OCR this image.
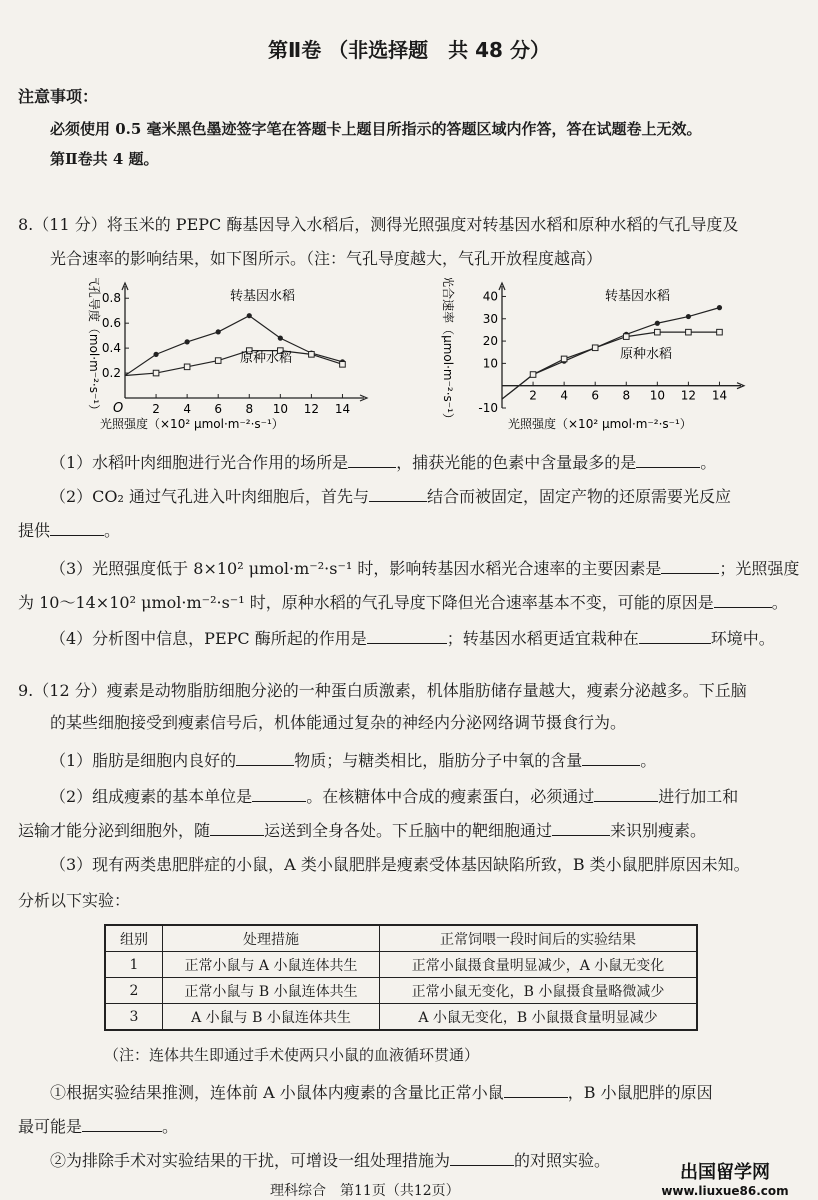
第Ⅱ卷 （非选择题　共 48 分）
注意事项：
必须使用 0.5 毫米黑色墨迹签字笔在答题卡上题目所指示的答题区域内作答，答在试题卷上无效。
第Ⅱ卷共 4 题。
8.（11 分）将玉米的 PEPC 酶基因导入水稻后，测得光照强度对转基因水稻和原种水稻的气孔导度及
光合速率的影响结果，如下图所示。（注：气孔导度越大，气孔开放程度越高）
2 4 6 8 10 12 14
0.2
0.4
0.6
0.8
O
转基因水稻
原种水稻
气孔导度（mol·m⁻²·s⁻¹）
光照强度（×10² μmol·m⁻²·s⁻¹）
2 4 6 8 10 12 14
-10
10
20
30
40	转基因水稻
原种水稻
光合速率（μmol·m⁻²·s⁻¹）	光照强度（×10² μmol·m⁻²·s⁻¹）
（1）水稻叶肉细胞进行光合作用的场所是	，捕获光能的色素中含量最多的是	。
（2）CO₂ 通过气孔进入叶肉细胞后，首先与	结合而被固定，固定产物的还原需要光反应
提供	。
（3）光照强度低于 8×10² μmol·m⁻²·s⁻¹ 时，影响转基因水稻光合速率的主要因素是	；光照强度
为 10～14×10² μmol·m⁻²·s⁻¹ 时，原种水稻的气孔导度下降但光合速率基本不变，可能的原因是	。
（4）分析图中信息，PEPC 酶所起的作用是	；转基因水稻更适宜栽种在	环境中。
9.（12 分）瘦素是动物脂肪细胞分泌的一种蛋白质激素，机体脂肪储存量越大，瘦素分泌越多。下丘脑
的某些细胞接受到瘦素信号后，机体能通过复杂的神经内分泌网络调节摄食行为。
（1）脂肪是细胞内良好的	物质；与糖类相比，脂肪分子中氧的含量	。
（2）组成瘦素的基本单位是	。在核糖体中合成的瘦素蛋白，必须通过	进行加工和
运输才能分泌到细胞外，随	运送到全身各处。下丘脑中的靶细胞通过	来识别瘦素。
（3）现有两类患肥胖症的小鼠，A 类小鼠肥胖是瘦素受体基因缺陷所致，B 类小鼠肥胖原因未知。
分析以下实验：
组别	处理措施	正常饲喂一段时间后的实验结果
1	正常小鼠与 A 小鼠连体共生	正常小鼠摄食量明显减少，A 小鼠无变化
2	正常小鼠与 B 小鼠连体共生	正常小鼠无变化，B 小鼠摄食量略微减少
3	A 小鼠与 B 小鼠连体共生	A 小鼠无变化，B 小鼠摄食量明显减少
（注：连体共生即通过手术使两只小鼠的血液循环贯通）
①根据实验结果推测，连体前 A 小鼠体内瘦素的含量比正常小鼠	，B 小鼠肥胖的原因
最可能是	。
②为排除手术对实验结果的干扰，可增设一组处理措施为	的对照实验。
理科综合　第11页（共12页）
出国留学网
www.liuxue86.com
